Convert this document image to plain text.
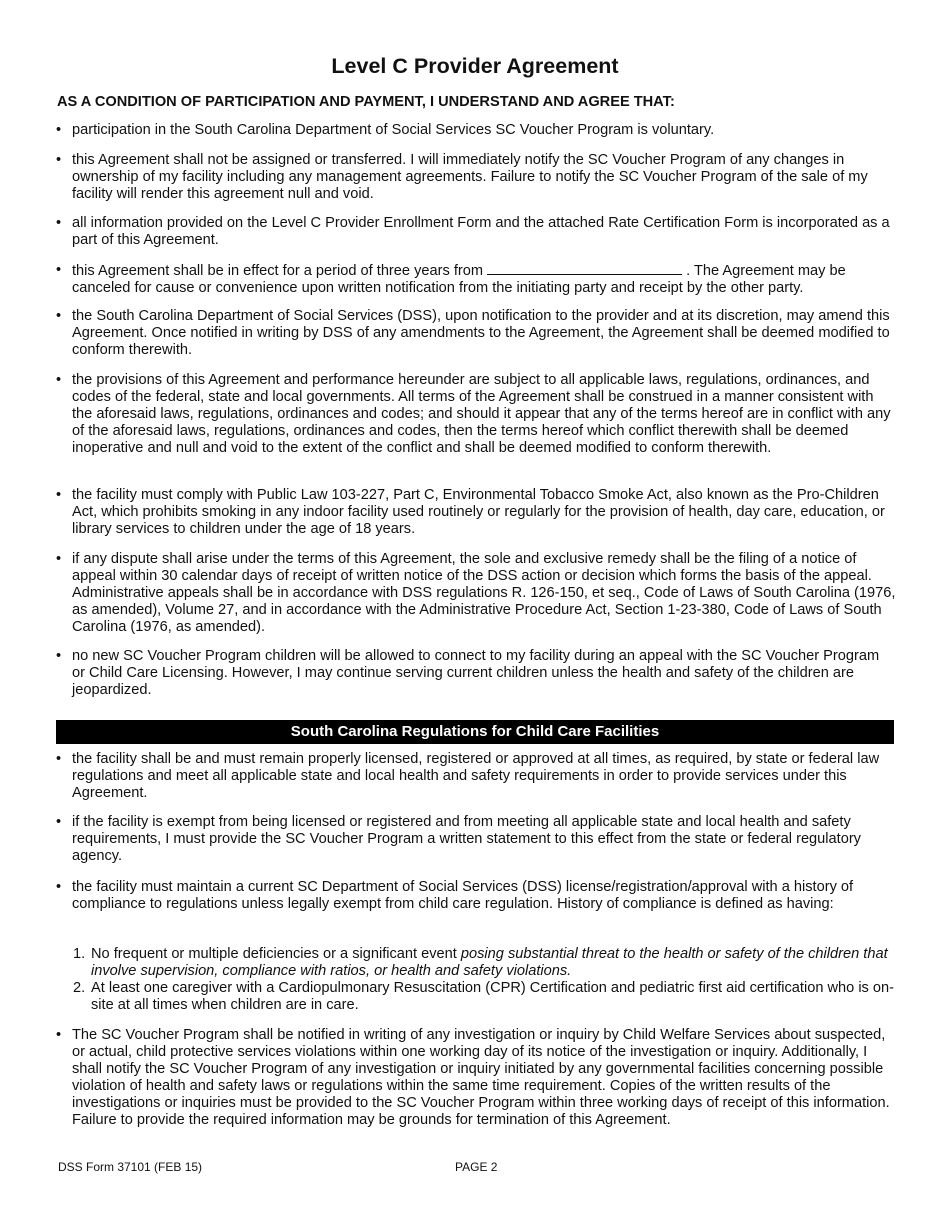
Level C Provider Agreement
AS A CONDITION OF PARTICIPATION AND PAYMENT, I UNDERSTAND AND AGREE THAT:
• participation in the South Carolina Department of Social Services SC Voucher Program is voluntary.
• this Agreement shall not be assigned or transferred. I will immediately notify the SC Voucher Program of any changes in ownership of my facility including any management agreements. Failure to notify the SC Voucher Program of the sale of my facility will render this agreement null and void.
• all information provided on the Level C Provider Enrollment Form and the attached Rate Certification Form is incorporated as a part of this Agreement.
• this Agreement shall be in effect for a period of three years from	. The Agreement may be canceled for cause or convenience upon written notification from the initiating party and receipt by the other party.
• the South Carolina Department of Social Services (DSS), upon notification to the provider and at its discretion, may amend this Agreement. Once notified in writing by DSS of any amendments to the Agreement, the Agreement shall be deemed modified to conform therewith.
• the provisions of this Agreement and performance hereunder are subject to all applicable laws, regulations, ordinances, and codes of the federal, state and local governments. All terms of the Agreement shall be construed in a manner consistent with the aforesaid laws, regulations, ordinances and codes; and should it appear that any of the terms hereof are in conflict with any of the aforesaid laws, regulations, ordinances and codes, then the terms hereof which conflict therewith shall be deemed inoperative and null and void to the extent of the conflict and shall be deemed modified to conform therewith.
• the facility must comply with Public Law 103-227, Part C, Environmental Tobacco Smoke Act, also known as the Pro-Children Act, which prohibits smoking in any indoor facility used routinely or regularly for the provision of health, day care, education, or library services to children under the age of 18 years.
• if any dispute shall arise under the terms of this Agreement, the sole and exclusive remedy shall be the filing of a notice of appeal within 30 calendar days of receipt of written notice of the DSS action or decision which forms the basis of the appeal. Administrative appeals shall be in accordance with DSS regulations R. 126-150, et seq., Code of Laws of South Carolina (1976, as amended), Volume 27, and in accordance with the Administrative Procedure Act, Section 1-23-380, Code of Laws of South Carolina (1976, as amended).
• no new SC Voucher Program children will be allowed to connect to my facility during an appeal with the SC Voucher Program or Child Care Licensing. However, I may continue serving current children unless the health and safety of the children are jeopardized.
South Carolina Regulations for Child Care Facilities
• the facility shall be and must remain properly licensed, registered or approved at all times, as required, by state or federal law regulations and meet all applicable state and local health and safety requirements in order to provide services under this Agreement.
• if the facility is exempt from being licensed or registered and from meeting all applicable state and local health and safety requirements, I must provide the SC Voucher Program a written statement to this effect from the state or federal regulatory agency.
• the facility must maintain a current SC Department of Social Services (DSS) license/registration/approval with a history of compliance to regulations unless legally exempt from child care regulation. History of compliance is defined as having:
1. No frequent or multiple deficiencies or a significant event posing substantial threat to the health or safety of the children that involve supervision, compliance with ratios, or health and safety violations.
2. At least one caregiver with a Cardiopulmonary Resuscitation (CPR) Certification and pediatric first aid certification who is on-site at all times when children are in care.
• The SC Voucher Program shall be notified in writing of any investigation or inquiry by Child Welfare Services about suspected, or actual, child protective services violations within one working day of its notice of the investigation or inquiry. Additionally, I shall notify the SC Voucher Program of any investigation or inquiry initiated by any governmental facilities concerning possible violation of health and safety laws or regulations within the same time requirement. Copies of the written results of the investigations or inquiries must be provided to the SC Voucher Program within three working days of receipt of this information. Failure to provide the required information may be grounds for termination of this Agreement.
DSS Form 37101 (FEB 15)	PAGE 2
